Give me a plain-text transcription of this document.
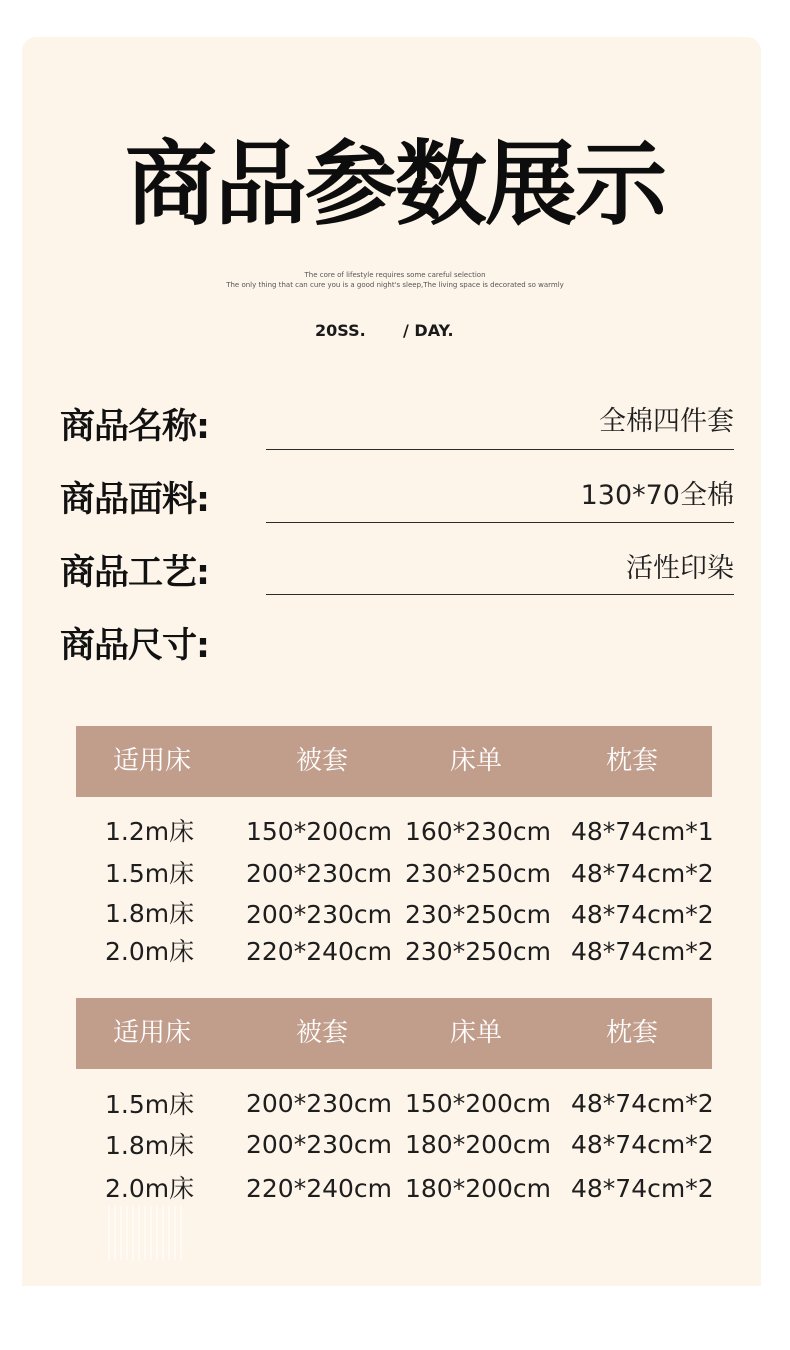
商品参数展示
The core of lifestyle requires some careful selection
The only thing that can cure you is a good night's sleep,The living space is decorated so warmly
20SS. / DAY.
商品名称:	全棉四件套
商品面料:	130*70全棉
商品工艺:	活性印染
商品尺寸:
适用床	被套	床单	枕套
1.2m床 150*200cm 160*230cm 48*74cm*1
1.5m床 200*230cm 230*250cm 48*74cm*2
1.8m床 200*230cm 230*250cm 48*74cm*2
2.0m床 220*240cm 230*250cm 48*74cm*2
适用床	被套	床单	枕套
1.5m床 200*230cm 150*200cm 48*74cm*2
1.8m床 200*230cm 180*200cm 48*74cm*2
2.0m床 220*240cm 180*200cm 48*74cm*2
